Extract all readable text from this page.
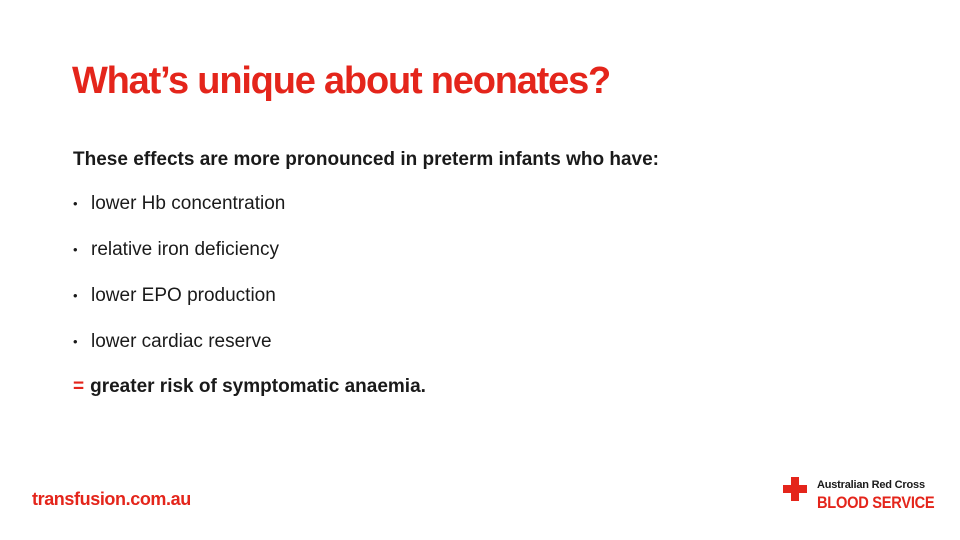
What’s unique about neonates?

These effects are more pronounced in preterm infants who have:

• lower Hb concentration
• relative iron deficiency
• lower EPO production
• lower cardiac reserve

= greater risk of symptomatic anaemia.

transfusion.com.au

Australian Red Cross
BLOOD SERVICE
